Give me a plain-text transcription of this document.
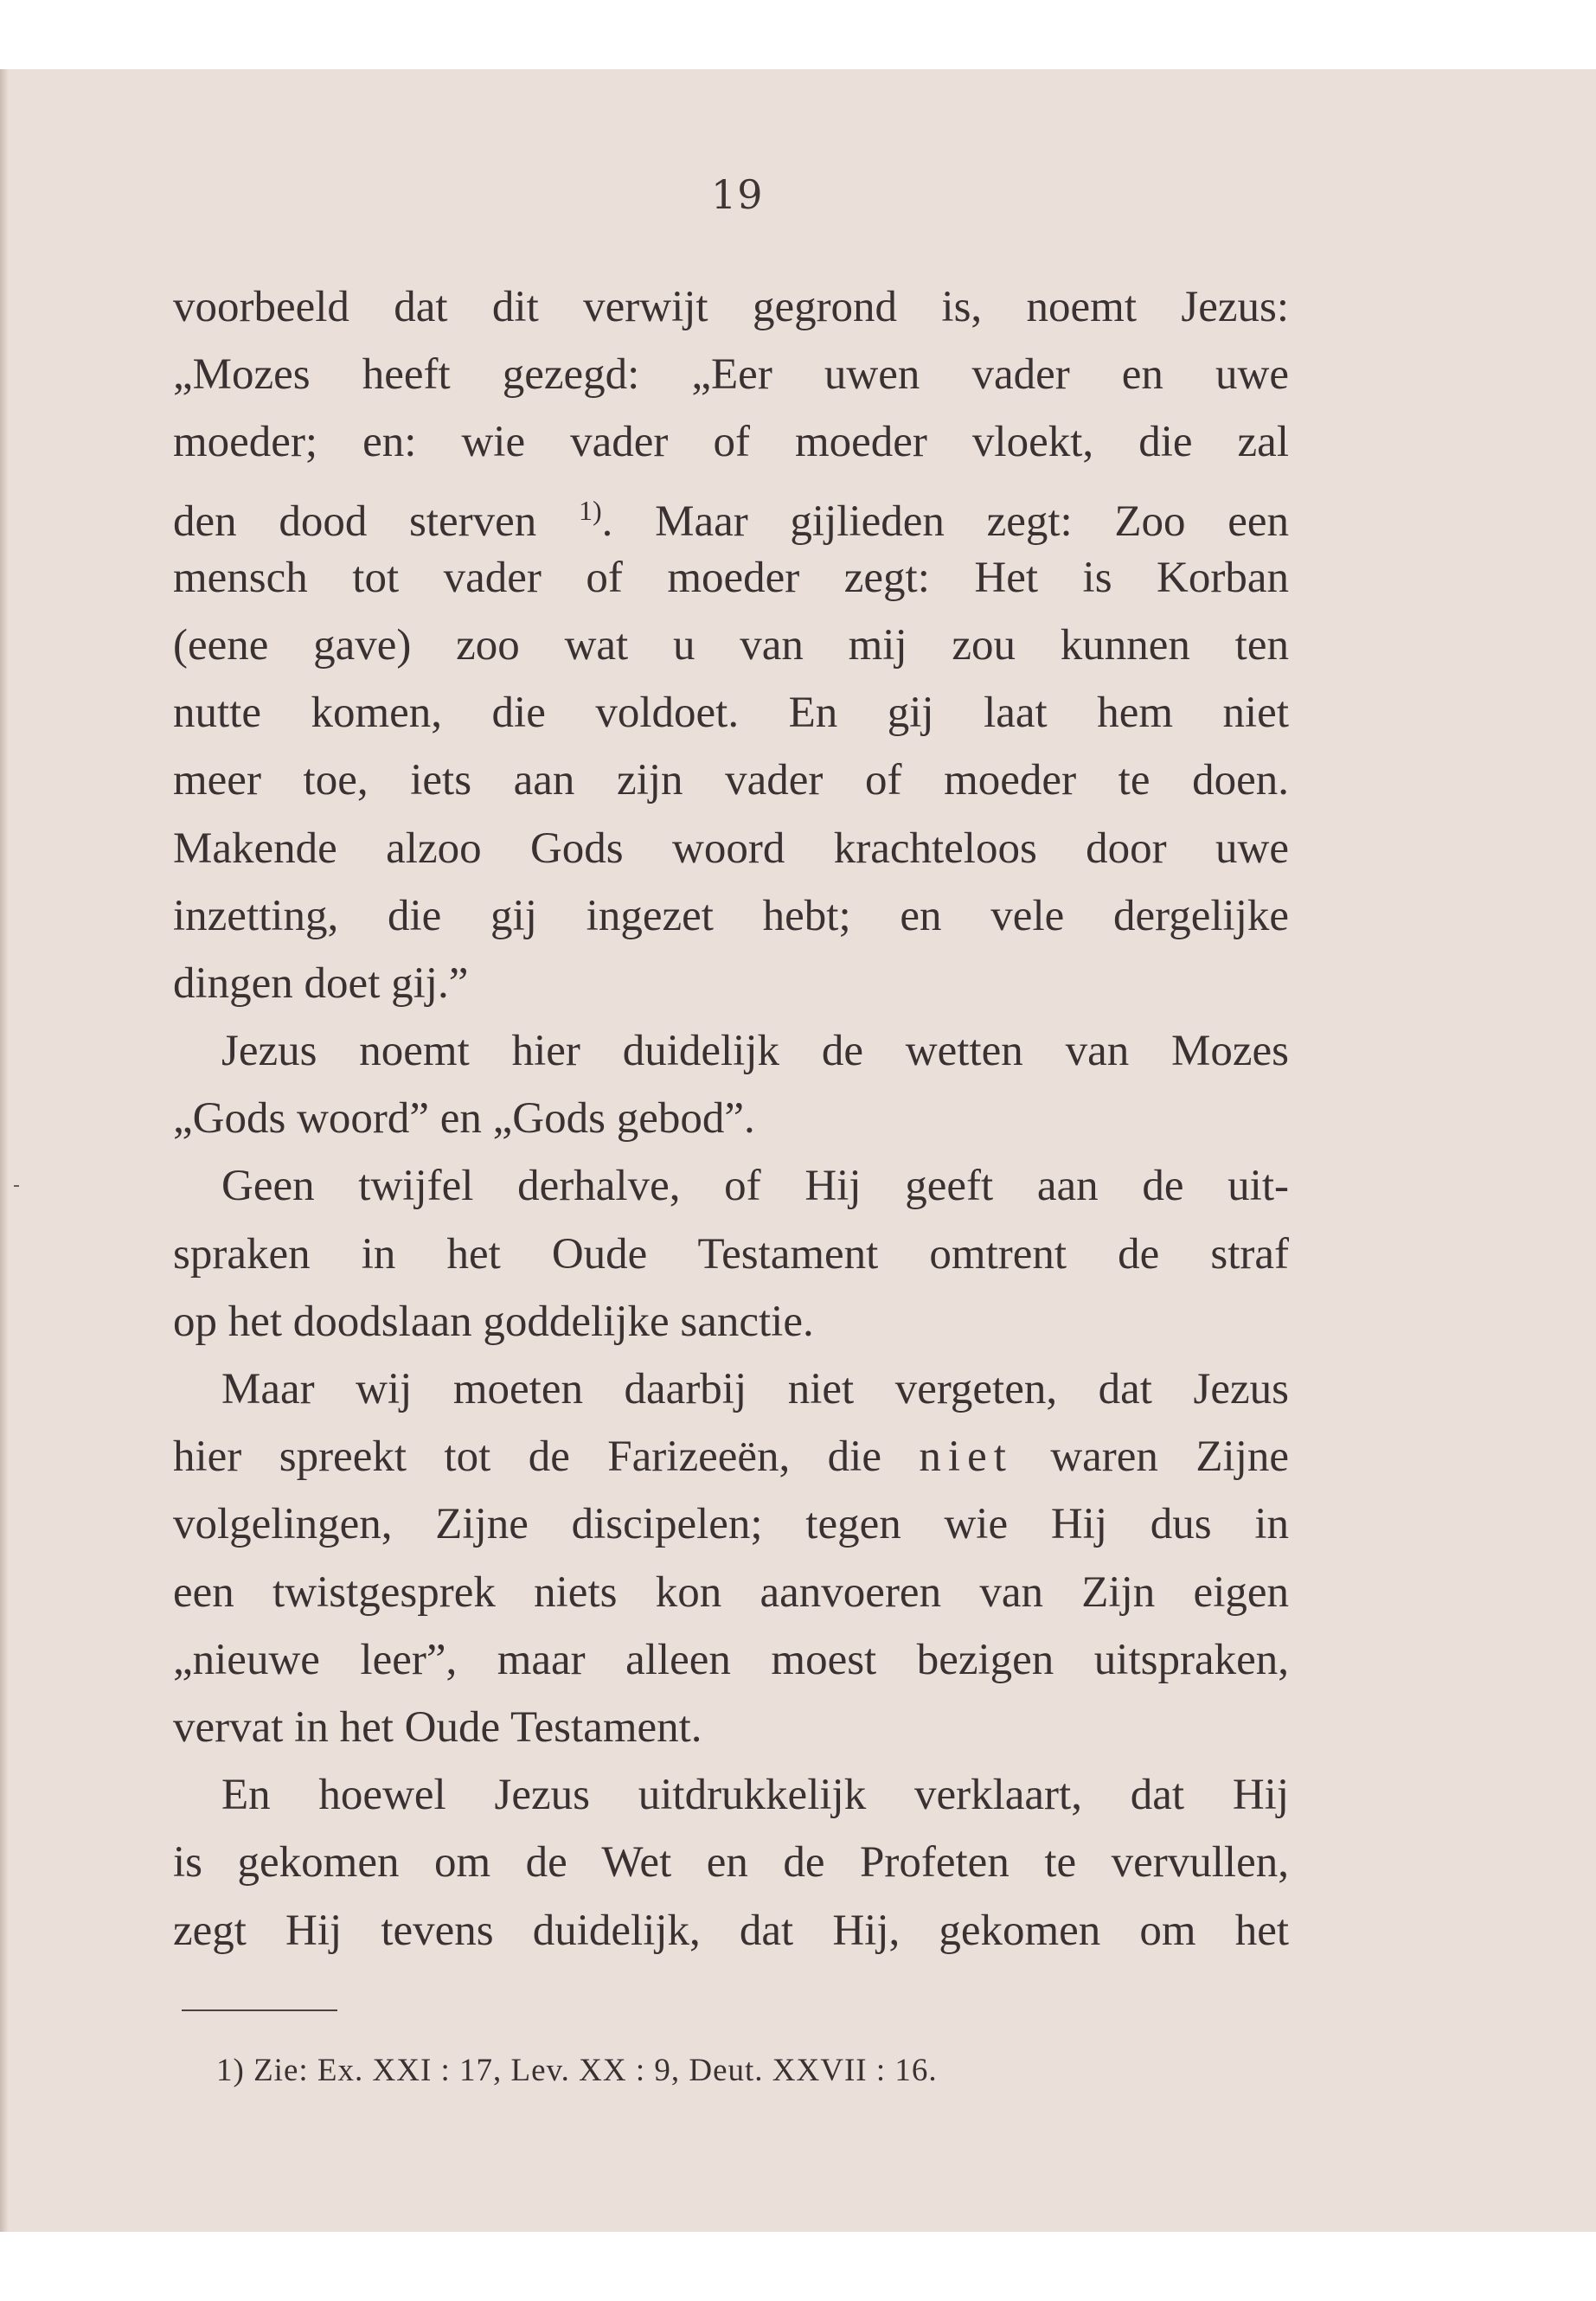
19
voorbeeld dat dit verwijt gegrond is, noemt Jezus:
„Mozes heeft gezegd: „Eer uwen vader en uwe
moeder; en: wie vader of moeder vloekt, die zal
den dood sterven $^{1)}$. Maar gijlieden zegt: Zoo een
mensch tot vader of moeder zegt: Het is Korban
(eene gave) zoo wat u van mij zou kunnen ten
nutte komen, die voldoet. En gij laat hem niet
meer toe, iets aan zijn vader of moeder te doen.
Makende alzoo Gods woord krachteloos door uwe
inzetting, die gij ingezet hebt; en vele dergelijke
dingen doet gij.”
Jezus noemt hier duidelijk de wetten van Mozes
„Gods woord” en „Gods gebod”.
Geen twijfel derhalve, of Hij geeft aan de uit-
spraken in het Oude Testament omtrent de straf
op het doodslaan goddelijke sanctie.
Maar wij moeten daarbij niet vergeten, dat Jezus
hier spreekt tot de Farizeeën, die niet waren Zijne
volgelingen, Zijne discipelen; tegen wie Hij dus in
een twistgesprek niets kon aanvoeren van Zijn eigen
„nieuwe leer”, maar alleen moest bezigen uitspraken,
vervat in het Oude Testament.
En hoewel Jezus uitdrukkelijk verklaart, dat Hij
is gekomen om de Wet en de Profeten te vervullen,
zegt Hij tevens duidelijk, dat Hij, gekomen om het
1) Zie: Ex. XXI : 17, Lev. XX : 9, Deut. XXVII : 16.
